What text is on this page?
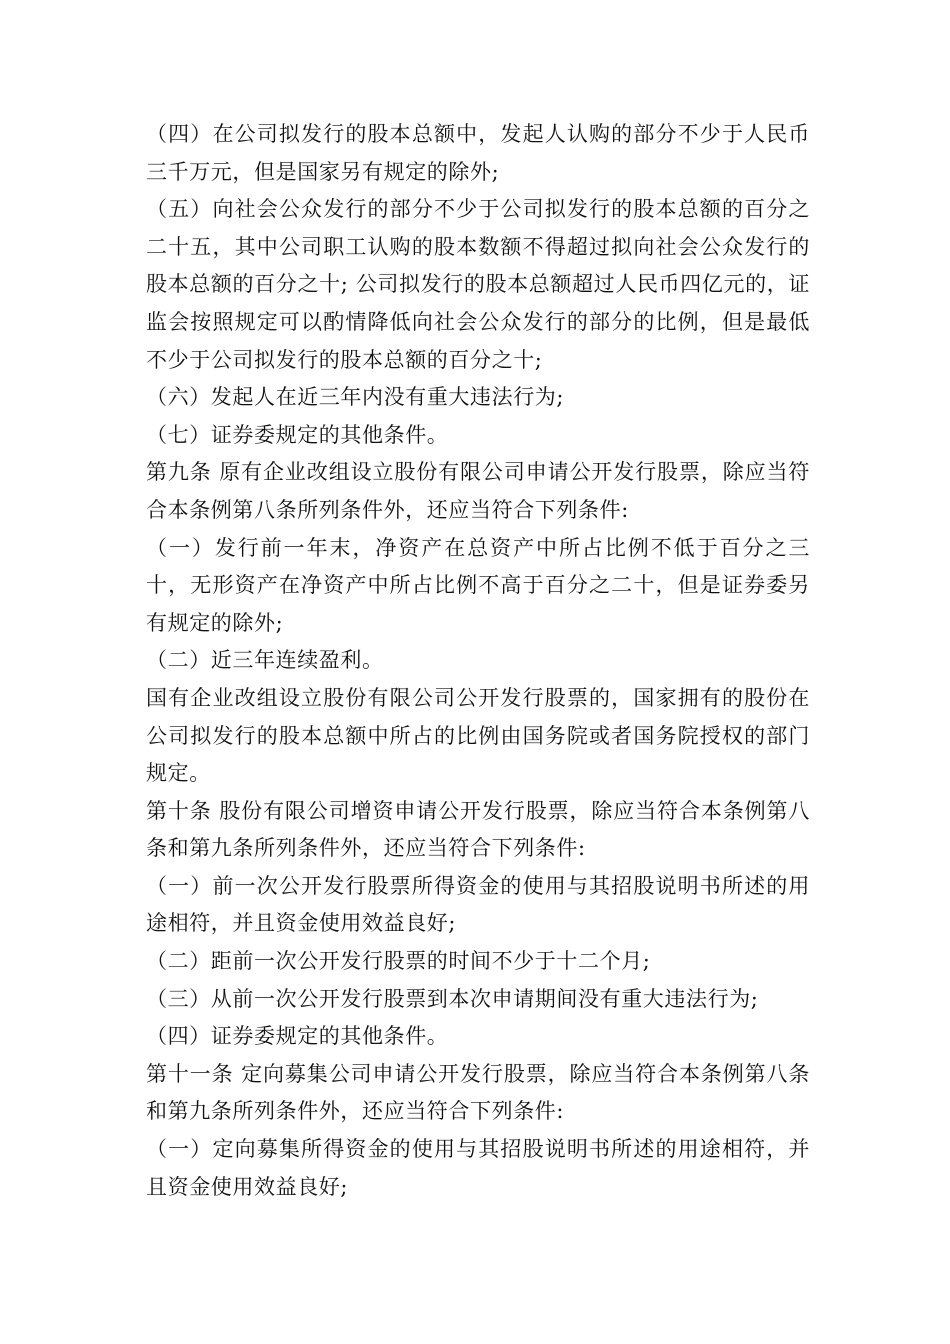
（四）在公司拟发行的股本总额中，发起人认购的部分不少于人民币三千万元，但是国家另有规定的除外;

（五）向社会公众发行的部分不少于公司拟发行的股本总额的百分之二十五，其中公司职工认购的股本数额不得超过拟向社会公众发行的股本总额的百分之十; 公司拟发行的股本总额超过人民币四亿元的，证监会按照规定可以酌情降低向社会公众发行的部分的比例，但是最低不少于公司拟发行的股本总额的百分之十;

（六）发起人在近三年内没有重大违法行为;

（七）证券委规定的其他条件。

第九条 原有企业改组设立股份有限公司申请公开发行股票，除应当符合本条例第八条所列条件外，还应当符合下列条件:

（一）发行前一年末，净资产在总资产中所占比例不低于百分之三十，无形资产在净资产中所占比例不高于百分之二十，但是证券委另有规定的除外;

（二）近三年连续盈利。

国有企业改组设立股份有限公司公开发行股票的，国家拥有的股份在公司拟发行的股本总额中所占的比例由国务院或者国务院授权的部门规定。

第十条 股份有限公司增资申请公开发行股票，除应当符合本条例第八条和第九条所列条件外，还应当符合下列条件:

（一）前一次公开发行股票所得资金的使用与其招股说明书所述的用途相符，并且资金使用效益良好;

（二）距前一次公开发行股票的时间不少于十二个月;

（三）从前一次公开发行股票到本次申请期间没有重大违法行为;

（四）证券委规定的其他条件。

第十一条 定向募集公司申请公开发行股票，除应当符合本条例第八条和第九条所列条件外，还应当符合下列条件:

（一）定向募集所得资金的使用与其招股说明书所述的用途相符，并且资金使用效益良好;
